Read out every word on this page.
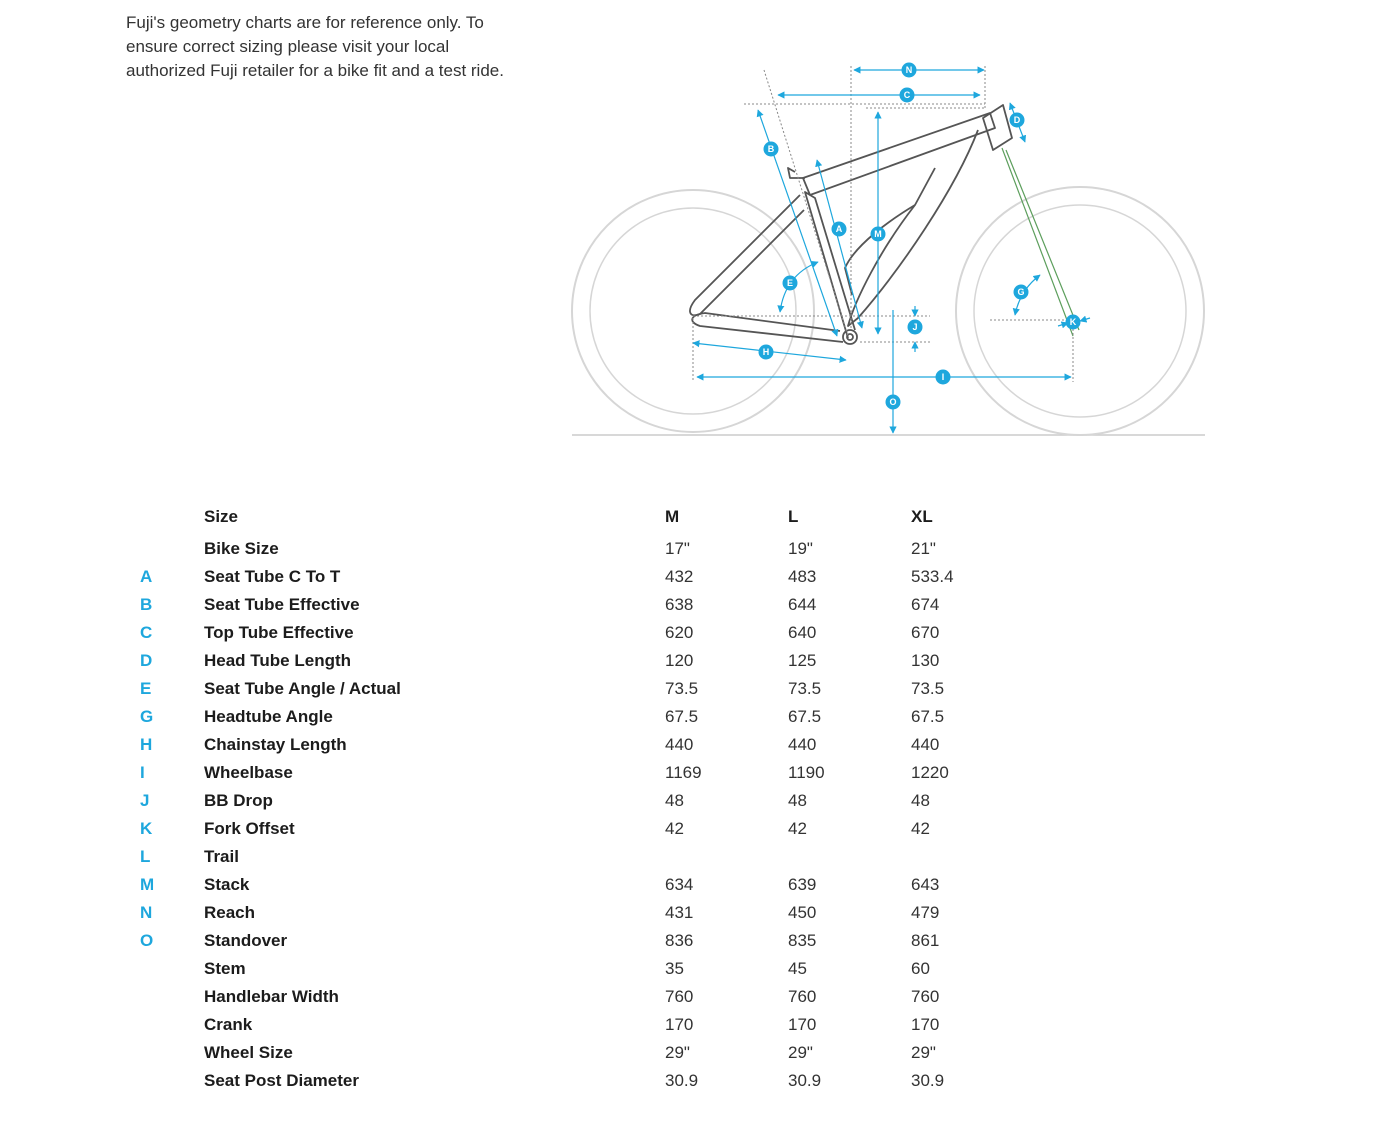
Fuji's geometry charts are for reference only. To ensure correct sizing please visit your local authorized Fuji retailer for a bike fit and a test ride.	N
C
D
B
A	M
E
G
K
J
H
I
O
Size	M	L	XL
Bike Size	17"	19"	21"
A	Seat Tube C To T	432	483	533.4
B	Seat Tube Effective	638	644	674
C	Top Tube Effective	620	640	670
D	Head Tube Length	120	125	130
E	Seat Tube Angle / Actual	73.5	73.5	73.5
G	Headtube Angle	67.5	67.5	67.5
H	Chainstay Length	440	440	440
I	Wheelbase	1169	1190	1220
J	BB Drop	48	48	48
K	Fork Offset	42	42	42
L	Trail
M	Stack	634	639	643
N	Reach	431	450	479
O	Standover	836	835	861
Stem	35	45	60
Handlebar Width	760	760	760
Crank	170	170	170
Wheel Size	29"	29"	29"
Seat Post Diameter	30.9	30.9	30.9
